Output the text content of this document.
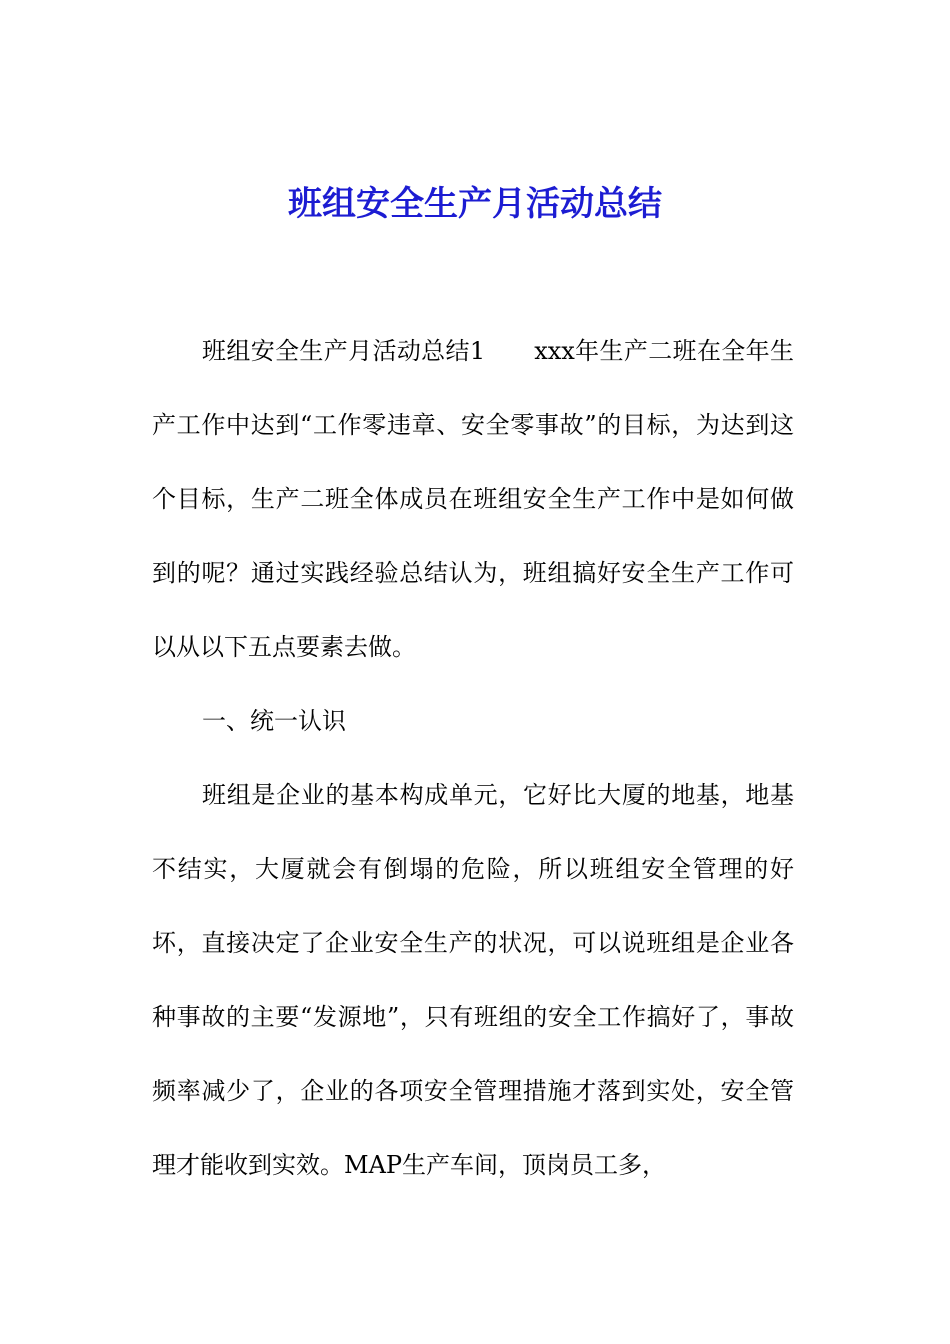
班组安全生产月活动总结

班组安全生产月活动总结1　　xxx年生产二班在全年生产工作中达到“工作零违章、安全零事故”的目标，为达到这个目标，生产二班全体成员在班组安全生产工作中是如何做到的呢？通过实践经验总结认为，班组搞好安全生产工作可以从以下五点要素去做。

一、统一认识

班组是企业的基本构成单元，它好比大厦的地基，地基不结实，大厦就会有倒塌的危险，所以班组安全管理的好坏，直接决定了企业安全生产的状况，可以说班组是企业各种事故的主要“发源地”，只有班组的安全工作搞好了，事故频率减少了，企业的各项安全管理措施才落到实处，安全管理才能收到实效。MAP生产车间，顶岗员工多，
